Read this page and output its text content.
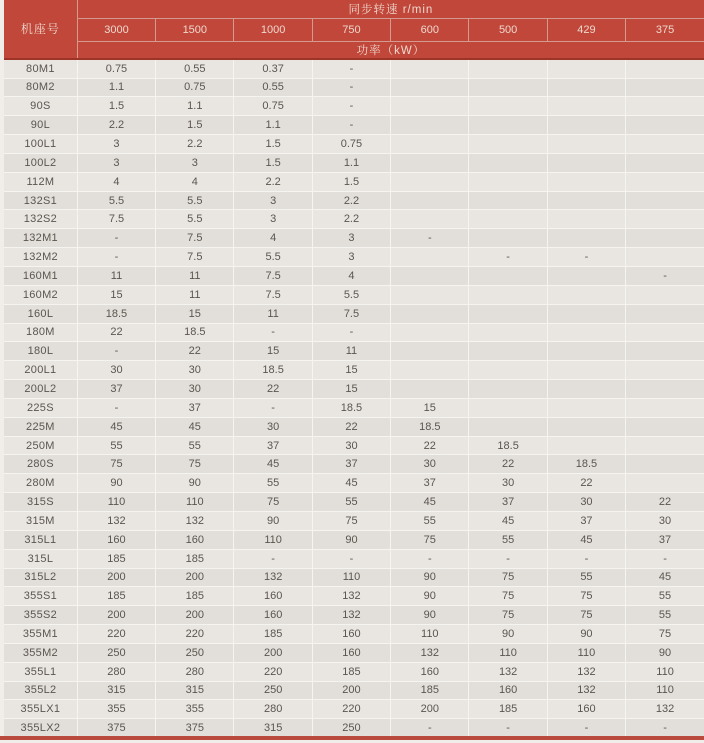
机座号	同步转速 r/min							
	3000	1500	1000	750	600	500	429	375
	功率（kW）							
80M1	0.75	0.55	0.37	-				
80M2	1.1	0.75	0.55	-				
90S	1.5	1.1	0.75	-				
90L	2.2	1.5	1.1	-				
100L1	3	2.2	1.5	0.75				
100L2	3	3	1.5	1.1				
112M	4	4	2.2	1.5				
132S1	5.5	5.5	3	2.2				
132S2	7.5	5.5	3	2.2				
132M1	-	7.5	4	3	-			
132M2	-	7.5	5.5	3		-	-	
160M1	11	11	7.5	4				-
160M2	15	11	7.5	5.5				
160L	18.5	15	11	7.5				
180M	22	18.5	-	-				
180L	-	22	15	11				
200L1	30	30	18.5	15				
200L2	37	30	22	15				
225S	-	37	-	18.5	15			
225M	45	45	30	22	18.5			
250M	55	55	37	30	22	18.5		
280S	75	75	45	37	30	22	18.5	
280M	90	90	55	45	37	30	22	
315S	110	110	75	55	45	37	30	22
315M	132	132	90	75	55	45	37	30
315L1	160	160	110	90	75	55	45	37
315L	185	185	-	-	-	-	-	-
315L2	200	200	132	110	90	75	55	45
355S1	185	185	160	132	90	75	75	55
355S2	200	200	160	132	90	75	75	55
355M1	220	220	185	160	110	90	90	75
355M2	250	250	200	160	132	110	110	90
355L1	280	280	220	185	160	132	132	110
355L2	315	315	250	200	185	160	132	110
355LX1	355	355	280	220	200	185	160	132
355LX2	375	375	315	250	-	-	-	-
